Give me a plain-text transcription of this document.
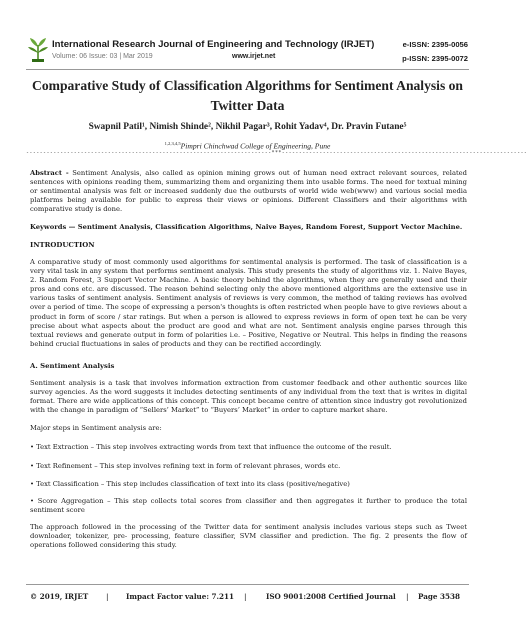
International Research Journal of Engineering and Technology (IRJET)
Volume: 06 Issue: 03 | Mar 2019	www.irjet.net
e-ISSN: 2395-0056
p-ISSN: 2395-0072
Comparative Study of Classification Algorithms for Sentiment Analysis on Twitter Data
Swapnil Patil¹, Nimish Shinde², Nikhil Pagar³, Rohit Yadav⁴, Dr. Pravin Futane⁵
$^{1,2,3,4,5}$Pimpri Chinchwad College of Engineering, Pune
------------------------------------------------------------------------***------------------------------------------------------------------------
Abstract - Sentiment Analysis, also called as opinion mining grows out of human need extract relevant sources, related sentences with opinions reading them, summarizing them and organizing them into usable forms. The need for textual mining or sentimental analysis was felt or increased suddenly due the outbursts of world wide web(www) and various social media platforms being available for public to express their views or opinions. Different Classifiers and their algorithms with comparative study is done.
Keywords — Sentiment Analysis, Classification Algorithms, Naive Bayes, Random Forest, Support Vector Machine.
INTRODUCTION
A comparative study of most commonly used algorithms for sentimental analysis is performed. The task of classification is a very vital task in any system that performs sentiment analysis. This study presents the study of algorithms viz. 1. Naive Bayes, 2. Random Forest, 3 Support Vector Machine. A basic theory behind the algorithms, when they are generally used and their pros and cons etc. are discussed. The reason behind selecting only the above mentioned algorithms are the extensive use in various tasks of sentiment analysis. Sentiment analysis of reviews is very common, the method of taking reviews has evolved over a period of time. The scope of expressing a person's thoughts is often restricted when people have to give reviews about a product in form of score / star ratings. But when a person is allowed to express reviews in form of open text he can be very precise about what aspects about the product are good and what are not. Sentiment analysis engine parses through this textual reviews and generate output in form of polarities i.e. – Positive, Negative or Neutral. This helps in finding the reasons behind crucial fluctuations in sales of products and they can be rectified accordingly.
A. Sentiment Analysis
Sentiment analysis is a task that involves information extraction from customer feedback and other authentic sources like survey agencies. As the word suggests it includes detecting sentiments of any individual from the text that is writes in digital format. There are wide applications of this concept. This concept became centre of attention since industry got revolutionized with the change in paradigm of “Sellers’ Market” to “Buyers’ Market” in order to capture market share.
Major steps in Sentiment analysis are:
• Text Extraction – This step involves extracting words from text that influence the outcome of the result.
• Text Refinement – This step involves refining text in form of relevant phrases, words etc.
• Text Classification – This step includes classification of text into its class (positive/negative)
• Score Aggregation – This step collects total scores from classifier and then aggregates it further to produce the total sentiment score
The approach followed in the processing of the Twitter data for sentiment analysis includes various steps such as Tweet downloader, tokenizer, pre- processing, feature classifier, SVM classifier and prediction. The fig. 2 presents the flow of operations followed considering this study.
© 2019, IRJET | Impact Factor value: 7.211 |	ISO 9001:2008 Certified Journal | Page 3538
